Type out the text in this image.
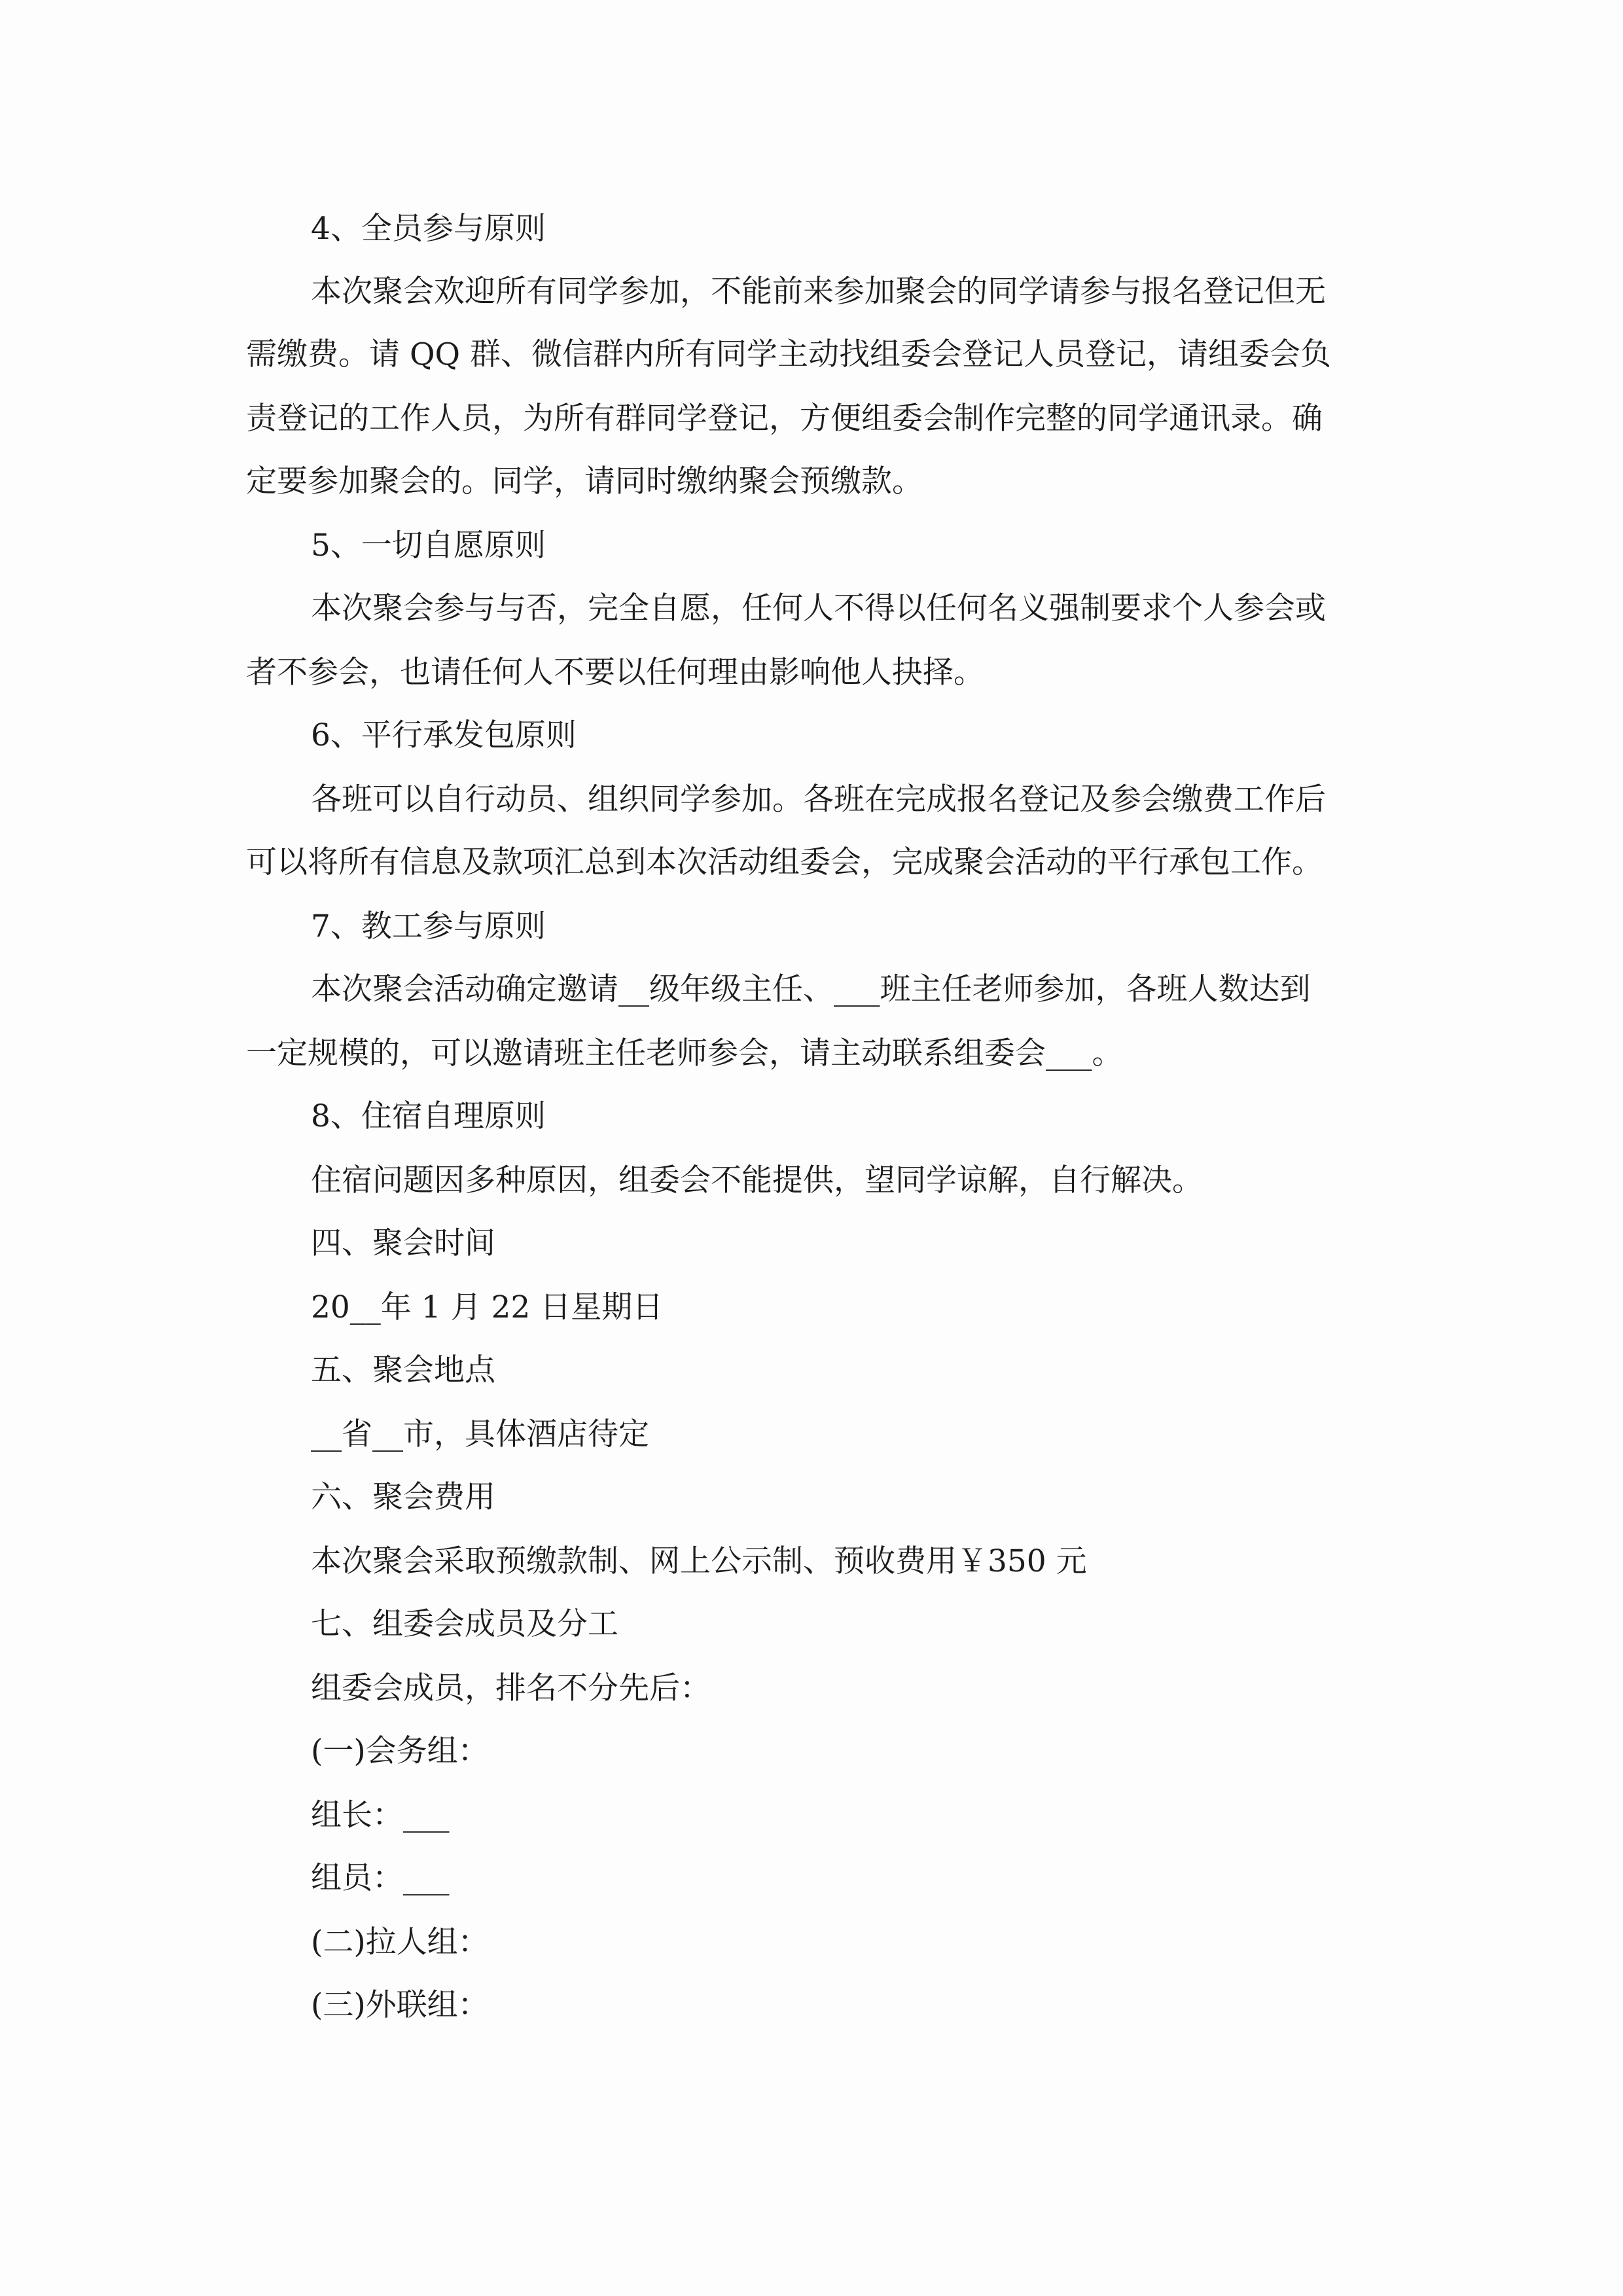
4、全员参与原则
本次聚会欢迎所有同学参加，不能前来参加聚会的同学请参与报名登记但无
需缴费。请 QQ 群、微信群内所有同学主动找组委会登记人员登记，请组委会负
责登记的工作人员，为所有群同学登记，方便组委会制作完整的同学通讯录。确
定要参加聚会的。同学，请同时缴纳聚会预缴款。
5、一切自愿原则
本次聚会参与与否，完全自愿，任何人不得以任何名义强制要求个人参会或
者不参会，也请任何人不要以任何理由影响他人抉择。
6、平行承发包原则
各班可以自行动员、组织同学参加。各班在完成报名登记及参会缴费工作后
可以将所有信息及款项汇总到本次活动组委会，完成聚会活动的平行承包工作。
7、教工参与原则
本次聚会活动确定邀请__级年级主任、___班主任老师参加，各班人数达到
一定规模的，可以邀请班主任老师参会，请主动联系组委会___。
8、住宿自理原则
住宿问题因多种原因，组委会不能提供，望同学谅解，自行解决。
四、聚会时间
20__年 1 月 22 日星期日
五、聚会地点
__省__市，具体酒店待定
六、聚会费用
本次聚会采取预缴款制、网上公示制、预收费用￥350 元
七、组委会成员及分工
组委会成员，排名不分先后：
(一)会务组：
组长：___
组员：___
(二)拉人组：
(三)外联组：
